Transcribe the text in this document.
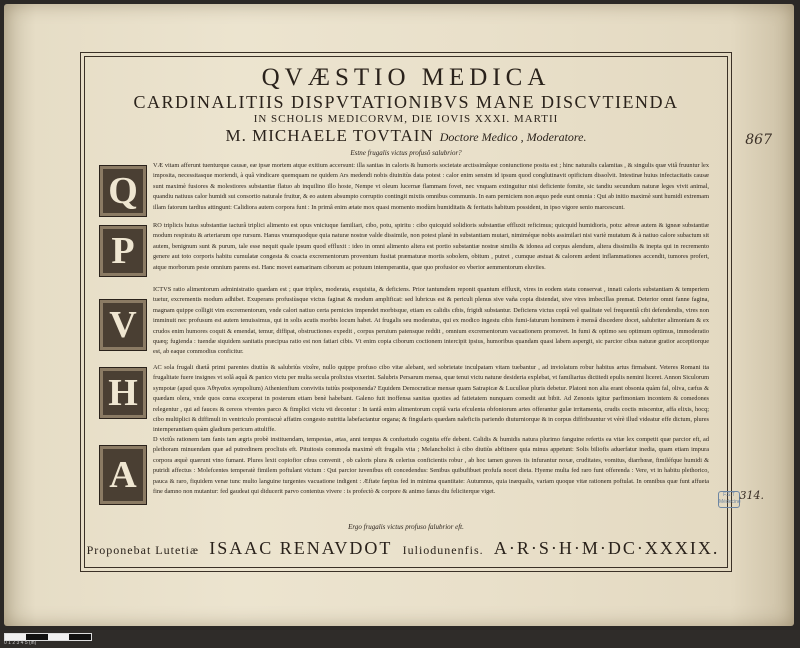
QVÆSTIO MEDICA
CARDINALITIIS DISPVTATIONIBVS MANE DISCVTIENDA
IN SCHOLIS MEDICORVM, DIE IOVIS XXXI. MARTII
M. MICHAELE TOVTAIN Doctore Medico , Moderatore.
Estne frugalis victus profusô salubrior?
Q
VÆ vitam afferunt tuenturque causæ, eæ ipsæ mortem atque exitium accersunt: illa sanitas in caloris & humoris societate arctissimâque coniunctione posita est ; hinc naturalis calamitas , & singulis quæ vitâ fruuntur lex imposita, necessitasque moriendi, à quâ vindicare quemquam ne quidem Ars medendi nobis diuinitùs data potest : calor enim sensim id ipsum quod conglutinavit opificium dissolvit. Intestinæ huius infectacitatis causæ sunt maximè fusiores & molestiores substantiæ flatuo ab inquilino illo hoste, Nempe vt oleum lucernæ flammam fovet, nec vnquam extinguitur nisi deficiente fomite, sic tandiu secundum naturæ leges vivit animal, quandiu natiuus calor humidi sui consortio naturale fruitur, & eo autem absumpto corruptio contingit mixtis omnibus communis. In eam perniciem non æquo pede eunt omnia : Qui ab initio maximè sunt humidi extremam illam fatorum tardius attingunt: Calidiora autem corpora funt : In primâ enim ætate mox quasi momento modùm humiditatis & feritatis habitum possident, in ipso vigore senio marcescunt.
P
RO triplicis huius substantiæ iacturâ triplici alimento est opus vniciuque familiari, cibo, potu, spiritu : cibo quicquid solidioris substantiæ effluxit reficimus; quicquid humidioris, potu: aëreæ autem & igneæ substantiæ modum respiratu & arteriarum ope rursum. Hanus vnumquodque quia naturæ nostræ valde dissimile, non potest planè in substantiam mutari, nimiméque nobis assimilari nisi variè mutatum & à natiuo calore subactum sit autem, benignum sunt & purum, tale esse nequit quale ipsum quod effluxit : ideo in omni alimento altera est portio substantiæ nostræ similis & idonea ad corpus alendum, altera dissimilis & inepta qui in recremento genere aut toto corporis habitu cumulatæ congesta & coacta excrementorum proventum fusitat præmaturæ mortis sobolem, obitum , putret , cumque æstuat & calorem ardent inflammationes accendit, tumores profert, atque morborum peste omnium parens est. Hanc movet eamarinam ciborum ac potuum intemperantia, quæ quo profusior eo vberior aemmentorum eluviies.
V
ICTVS ratio alimentorum administratio quædam est ; quæ triplex, moderata, exquisita, & deficiens. Prior tantumdem reponit quantum effluxit, vires in eodem statu conservat , innati caloris substantiam & temperiem tuetur, excrementis modum adhibet. Exuperans profusiùsque victus faginat & modum amplificat: sed lubricus est & periculi plenus sive vaña copia distendat, sive vires imbecillas premat. Deterior omni fanne fagina, magnam quippe colligit vim excrementorum, vnde calori natiuo certa pernicies impendet morbisque, etiam ex calidis cibis, frigidi substantur. Deficiens victus copiâ vel qualitate vel frequentiâ cibi defendendis, vires non imminuit nec profusum est autem tenuissimus, qui in solis acutis morbis locum habet. At frugalis seu moderatus, qui ex modico ingestu cibis fumi-faturum hominem è mensâ discedere docet, salubriter alimoniam & ex crudos enim humores coquit & emendat, temur, diffipat, obstructiones expedit , corpus peruium patensque reddit , omnium excrementorum vacuationem promovet. In fumi & optimo seu optimum optimus, immoderatio quæq; fugienda : tuendæ siquidem sanitatis præcipua ratio est non fatiari cibis. Vt enim copia ciborum coctionem intercipit ipsius, humoribus quandam quasi labem aspergit, sic parcior cibus naturæ gratior acceptiorque est, ab eaque commodius conficitur.
H
AC sola frugali diætâ primi parentes diutiùs & salubriùs vixêre, nullo quippe profuso cibo vitæ alebant, sed sobrietate inculpatam vitam tuebantur , ad inviolatum robur habitus artus firmabant. Veteres Romani ita frugalitate fuere insignes vt solâ aquâ & panico victu per multa secula prolixius vixerint. Salubris Persarum mensa, quæ tenui victu naturæ desideria explebat, vt familiarius dictitedi epulis nemini liceret. Annon Siculorum sympotæ (apud quos Ἀθηναῖοι sympolium) Athenienfium conviviis tutiùs postponenda? Equidem Democraticæ mensæ quam Satrapicæ & Luculleæ pluris debetur. Platoni non alia erant obsonia quàm fal, oliva, cæfus & quædam olera, vnde quos cœna exceperat in posterum etiam benè habebant. Galeno fuit inoffensa sanitas quoties ad fatietatem nunquam comedit aut bibit. Ad Zenonis igitur parfimoniam incontem & comedones relegentur , qui ad fauces & cereos viventes parco & fimplici victu vti decontur : In tantâ enim alimentorum copiâ varia efculenta obfoniorum artes offerantur gulæ irritamenta, crudis coctis miscentur, affa elixis, hocq; cibo multiplici & diffimuli in ventriculo promiscuè affatim congesto nutritia labefactantur organa; & fingularis quædam naleficiis pariendo diuturniorque & in corpus diffribuuntur vt vérè illud videatur effe dictum, plures internperantiam quàm gladium pericum attuliffe.
A
D victûs rationem tam fanis tam ægris probè instituendam, tempestas, ætas, anni tempus & confuetudo cognita effe debent. Calidis & humidis natura plurimo fanguine refertis ea vitæ lex competit quæ parcior eft, ad plethoram minuendam quæ ad putredinem procliuis eft. Pituitosis commoda maximè eft frugalis vita ; Melancholici à cibo diutiùs abftinere quia minus appetunt: Solis biliofis aduerfatur inedia, quam etiam impura corpora æquè quærunt vino fumant. Plures lexit copiofior cibus convenit , ob caloris plura & celerius conficientis robur , ab hoc tamen graves iis infurantur noxæ, cruditates, vomitus, diarrhœæ, fimiléfque humidi & putridi affectus : Molefcentes temperatè fimilem poftulant victum : Qui parcior iuvenibus eft concedendus: Senibus quibufibuet profufa nocet dieta. Hyeme multa fed raro funt offerenda : Vere, vt in habitu plethorico, pauca & raro, fiquidem venæ tunc multo languine turgentes vacuatione indigent : Æftate fæpius fed in minima quantitate: Autumnus, quia inæqualis, variam quoque vitæ rationem poftulat. In omnibus quæ funt affueta fine damno non mutantur: fed gaudeat qui diducerit parvo contentus vivere : is profectò & corpore & animo fanus diu feliciterque viget.
Ergo frugalis victus profuso falubrior eft.
Proponebat Lutetiæ ISAAC RENAVDOT Iuliodunenfis. A·R·S·H·M·DC·XXXIX.
867
F.S.T Médecine
314.
0 1 2 3 4 5 (in)
